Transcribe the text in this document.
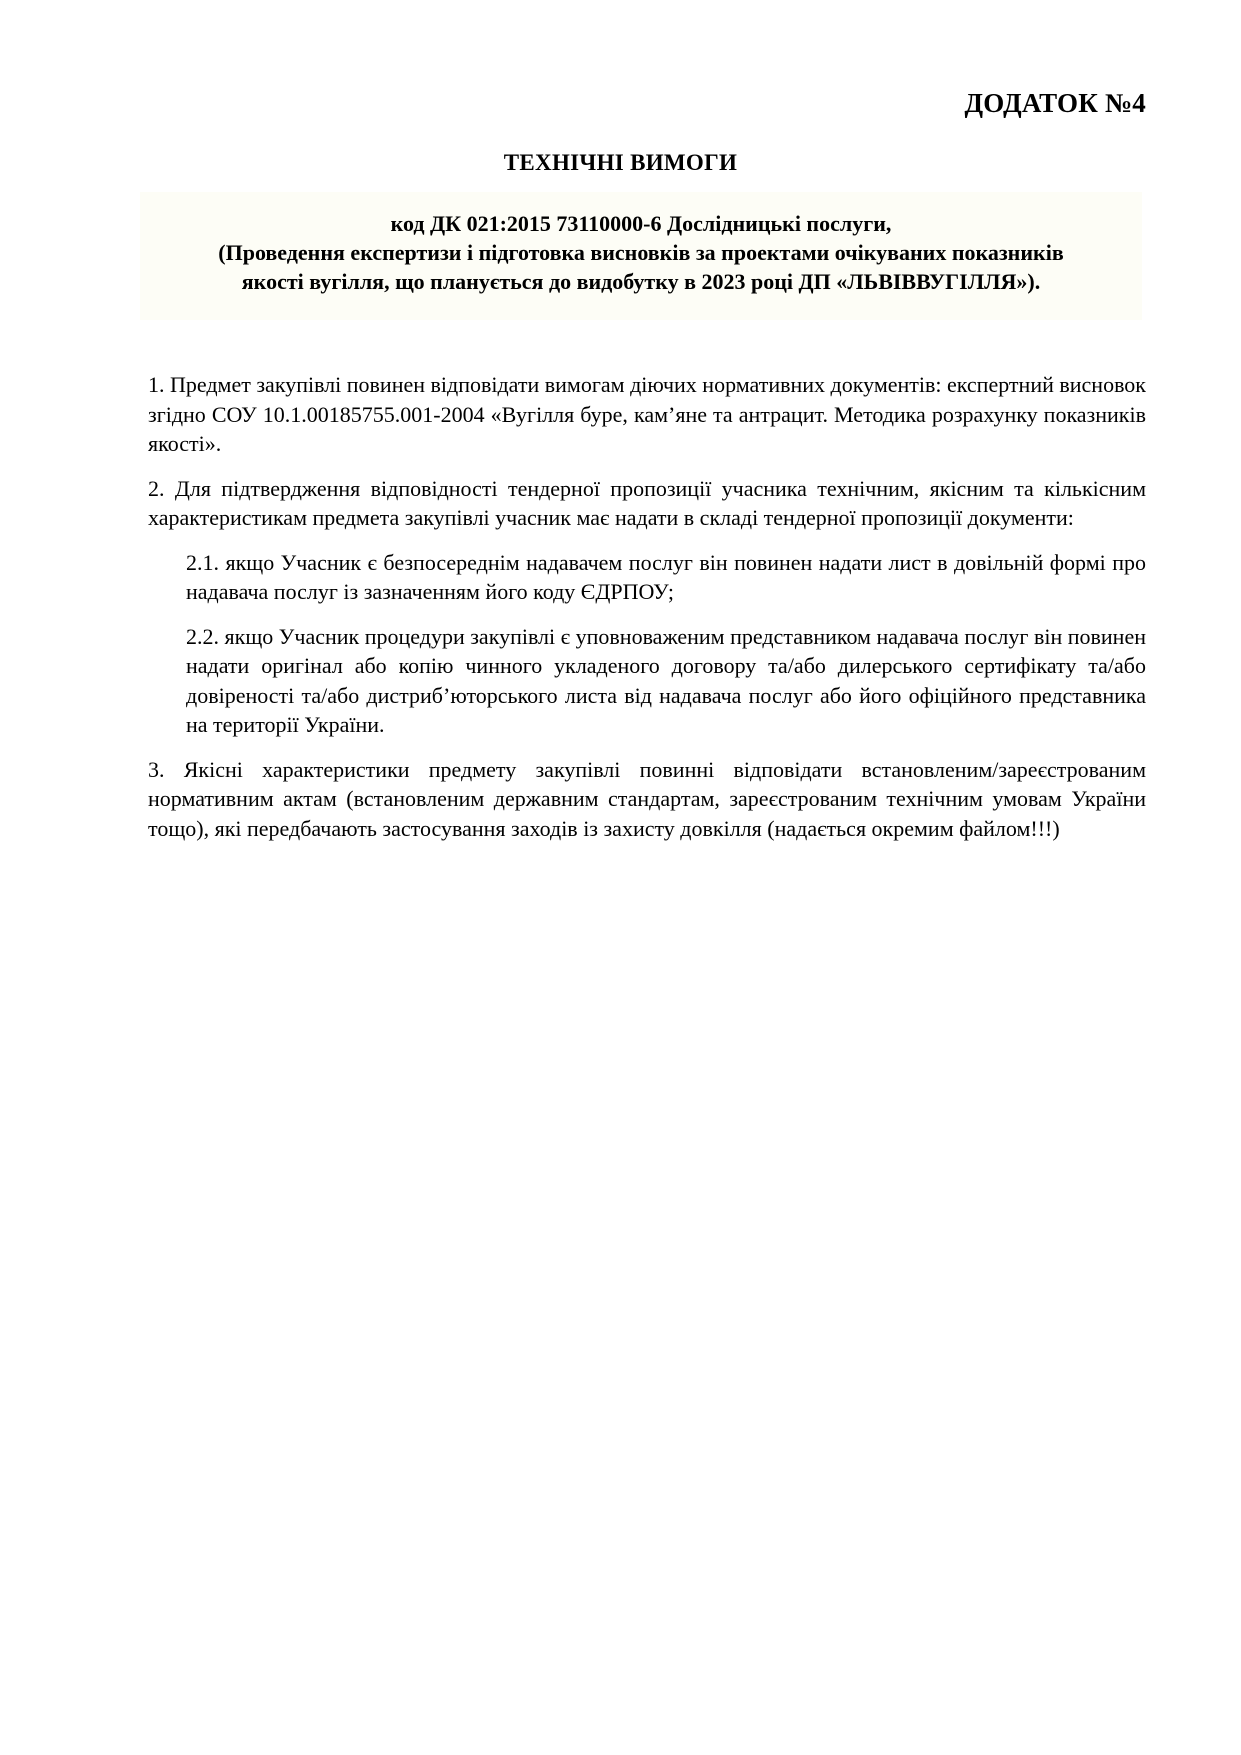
ДОДАТОК №4
ТЕХНІЧНІ ВИМОГИ
код ДК 021:2015 73110000-6 Дослідницькі послуги,
(Проведення експертизи і підготовка висновків за проектами очікуваних показників
якості вугілля, що планується до видобутку в 2023 році ДП «ЛЬВІВВУГІЛЛЯ»).
1. Предмет закупівлі повинен відповідати вимогам діючих нормативних документів: експертний висновок згідно СОУ 10.1.00185755.001-2004 «Вугілля буре, кам’яне та антрацит. Методика розрахунку показників якості».
2. Для підтвердження відповідності тендерної пропозиції учасника технічним, якісним та кількісним характеристикам предмета закупівлі учасник має надати в складі тендерної пропозиції документи:
2.1. якщо Учасник є безпосереднім надавачем послуг він повинен надати лист в довільній формі про надавача послуг із зазначенням його коду ЄДРПОУ;
2.2. якщо Учасник процедури закупівлі є уповноваженим представником надавача послуг він повинен надати оригінал або копію чинного укладеного договору та/або дилерського сертифікату та/або довіреності та/або дистриб’юторського листа від надавача послуг або його офіційного представника на території України.
3. Якісні характеристики предмету закупівлі повинні відповідати встановленим/зареєстрованим нормативним актам (встановленим державним стандартам, зареєстрованим технічним умовам України тощо), які передбачають застосування заходів із захисту довкілля (надається окремим файлом!!!)
